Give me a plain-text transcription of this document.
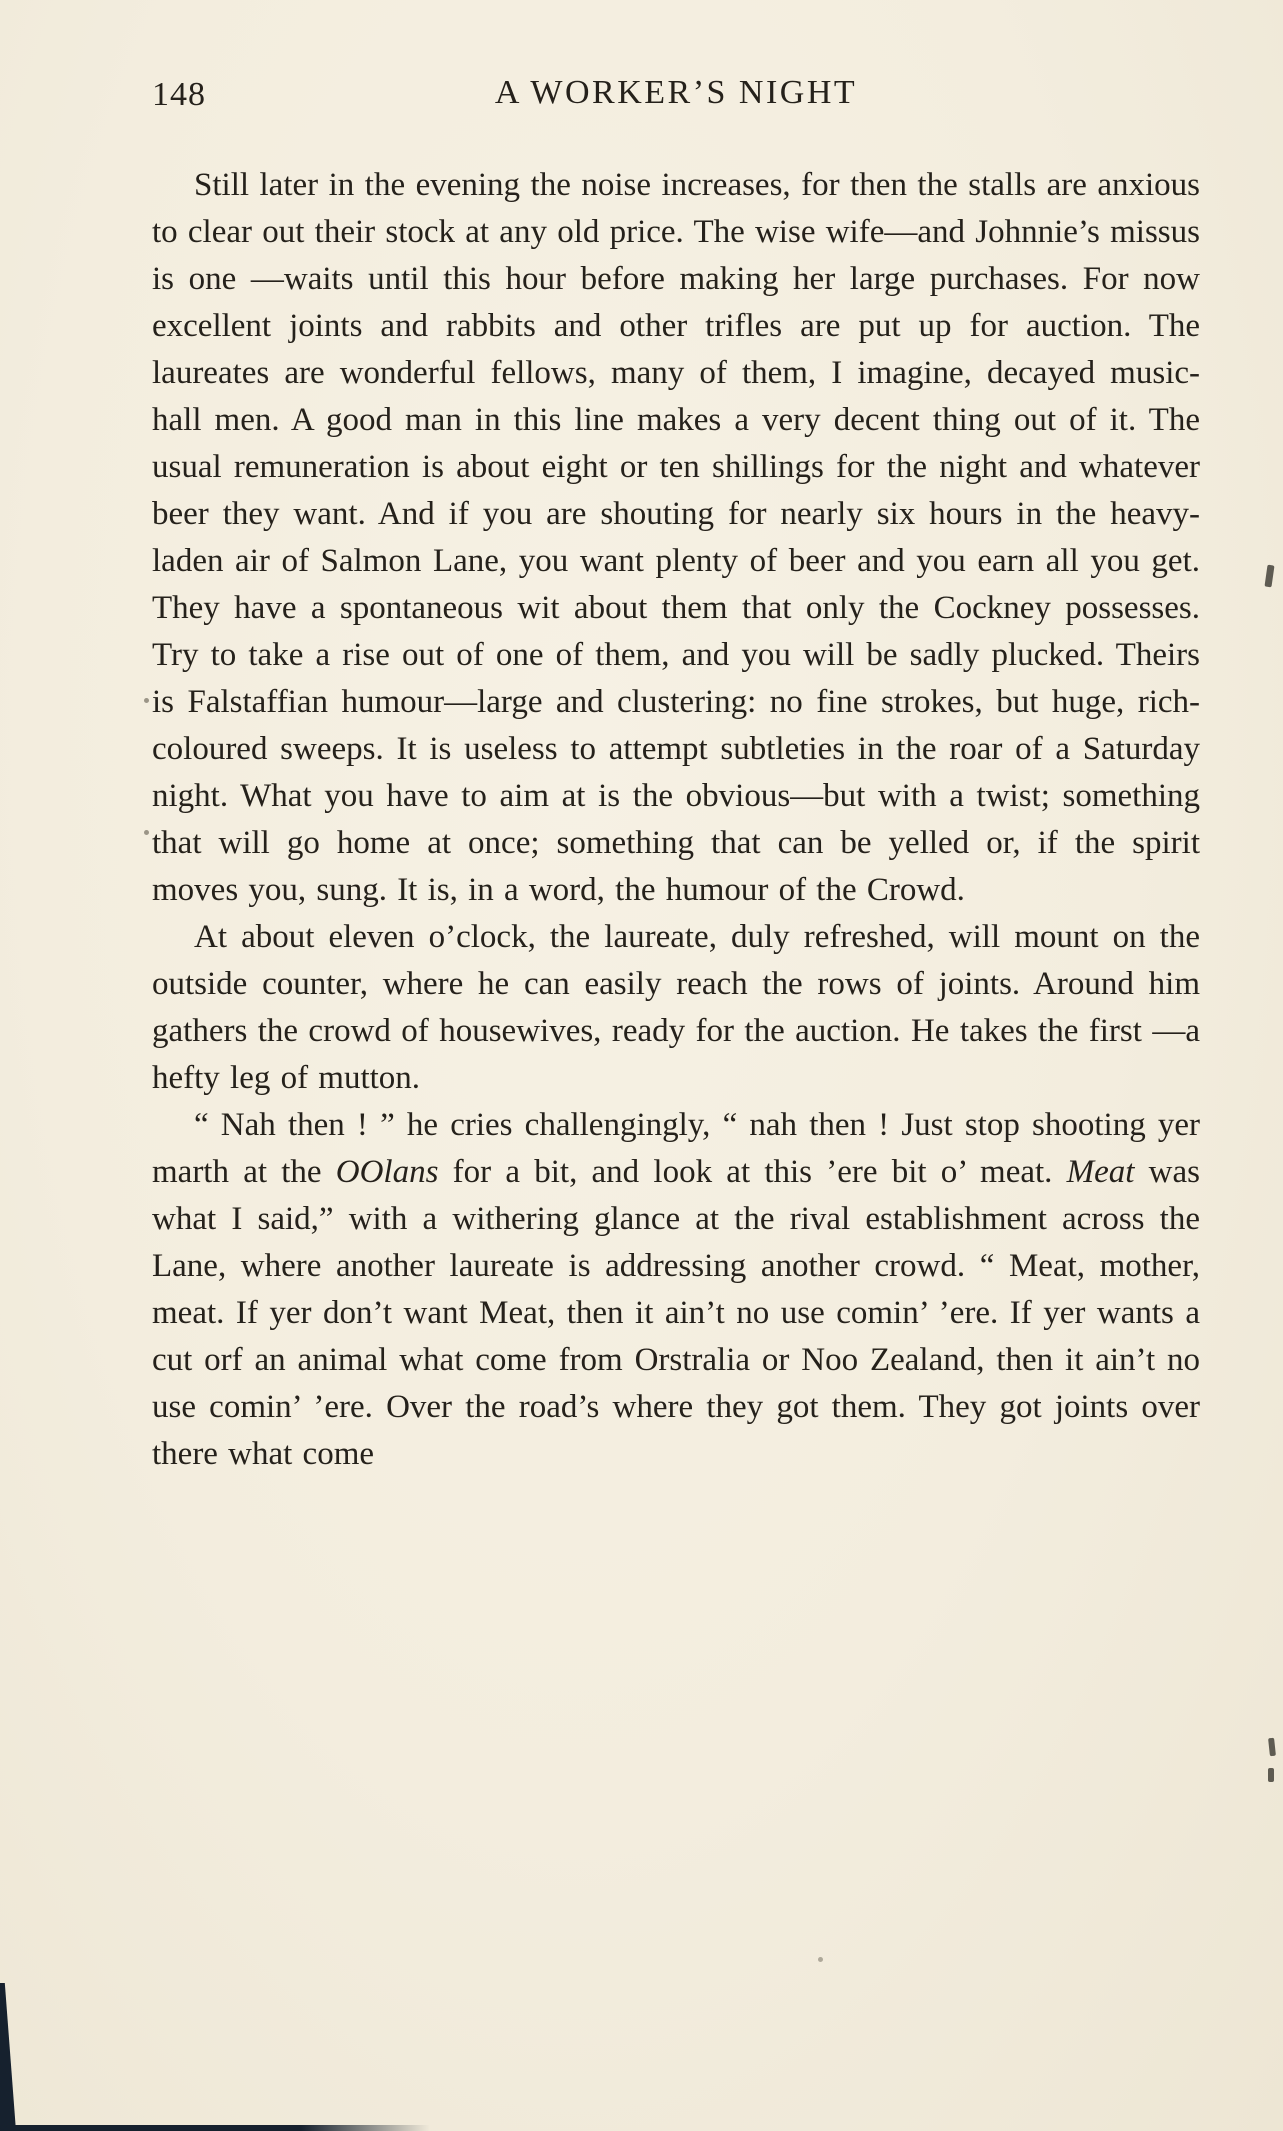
148	A WORKER’S NIGHT

Still later in the evening the noise increases, for then the stalls are anxious to clear out their stock at any old price. The wise wife—and Johnnie’s missus is one —waits until this hour before making her large purchases. For now excellent joints and rabbits and other trifles are put up for auction. The laureates are wonderful fellows, many of them, I imagine, decayed music-hall men. A good man in this line makes a very decent thing out of it. The usual remuneration is about eight or ten shillings for the night and whatever beer they want. And if you are shouting for nearly six hours in the heavy-laden air of Salmon Lane, you want plenty of beer and you earn all you get. They have a spontaneous wit about them that only the Cockney possesses. Try to take a rise out of one of them, and you will be sadly plucked. Theirs is Falstaffian humour—large and clustering: no fine strokes, but huge, rich-coloured sweeps. It is useless to attempt subtleties in the roar of a Saturday night. What you have to aim at is the obvious—but with a twist; something that will go home at once; something that can be yelled or, if the spirit moves you, sung. It is, in a word, the humour of the Crowd.

At about eleven o’clock, the laureate, duly refreshed, will mount on the outside counter, where he can easily reach the rows of joints. Around him gathers the crowd of housewives, ready for the auction. He takes the first —a hefty leg of mutton.

“ Nah then ! ” he cries challengingly, “ nah then ! Just stop shooting yer marth at the OOlans for a bit, and look at this ’ere bit o’ meat. Meat was what I said,” with a withering glance at the rival establishment across the Lane, where another laureate is addressing another crowd. “ Meat, mother, meat. If yer don’t want Meat, then it ain’t no use comin’ ’ere. If yer wants a cut orf an animal what come from Orstralia or Noo Zealand, then it ain’t no use comin’ ’ere. Over the road’s where they got them. They got joints over there what come
